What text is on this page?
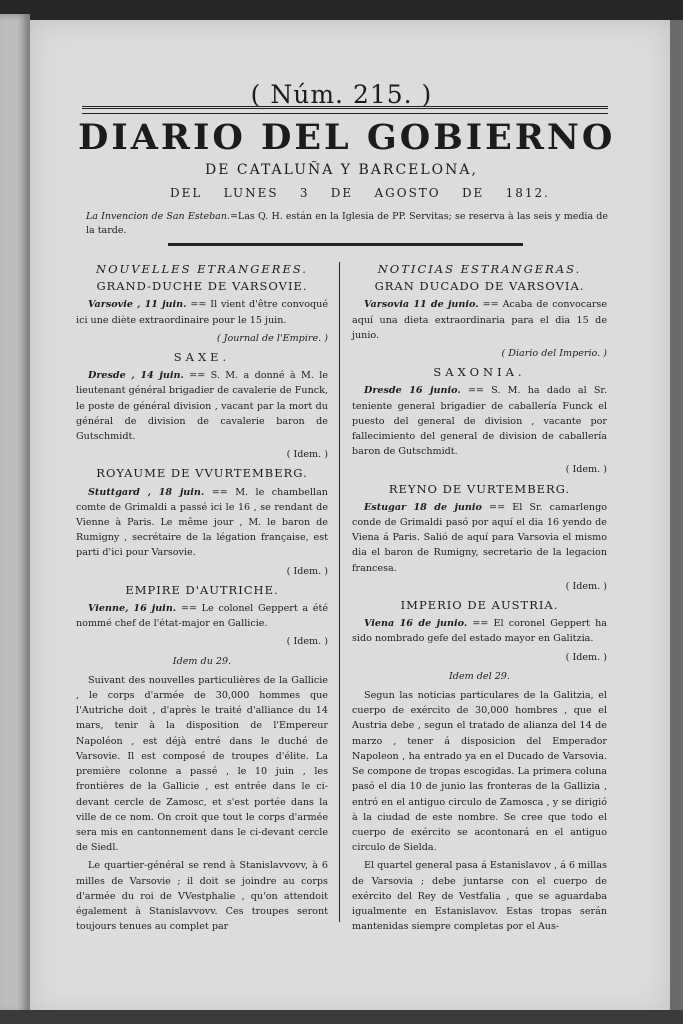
( Núm. 215. )
DIARIO DEL GOBIERNO
DE CATALUÑA Y BARCELONA,
DEL LUNES 3 DE AGOSTO DE 1812.
La Invencion de San Esteban.=Las Q. H. están en la Iglesia de PP. Servitas; se reserva à las seis y media de la tarde.
NOUVELLES ETRANGERES.
GRAND-DUCHE DE VARSOVIE.
Varsovie , 11 juin. == Il vient d'être convoqué ici une diète extraordinaire pour le 15 juin.
( Journal de l'Empire. )
SAXE.
Dresde , 14 juin. == S. M. a donné à M. le lieutenant général brigadier de cavalerie de Funck, le poste de général division , vacant par la mort du général de division de cavalerie baron de Gutschmidt.
( Idem. )
ROYAUME DE VVURTEMBERG.
Stuttgard , 18 juin. == M. le chambellan comte de Grimaldi a passé ici le 16 , se rendant de Vienne à Paris. Le même jour , M. le baron de Rumigny , secrétaire de la légation française, est parti d'ici pour Varsovie.
( Idem. )
EMPIRE D'AUTRICHE.
Vienne, 16 juin. == Le colonel Geppert a été nommé chef de l'état-major en Gallicie.
( Idem. )
Idem du 29.
Suivant des nouvelles particulières de la Gallicie , le corps d'armée de 30,000 hommes que l'Autriche doit , d'après le traité d'alliance du 14 mars, tenir à la disposition de l'Empereur Napoléon , est déjà entré dans le duché de Varsovie. Il est composé de troupes d'élite. La première colonne a passé , le 10 juin , les frontières de la Gallicie , est entrée dans le ci-devant cercle de Zamosc, et s'est portée dans la ville de ce nom. On croit que tout le corps d'armée sera mis en cantonnement dans le ci-devant cercle de Siedl.
Le quartier-général se rend à Stanislavvovv, à 6 milles de Varsovie ; il doit se joindre au corps d'armée du roi de VVestphalie , qu'on attendoit également à Stanislavvovv. Ces troupes seront toujours tenues au complet par
NOTICIAS ESTRANGERAS.
GRAN DUCADO DE VARSOVIA.
Varsovia 11 de junio. == Acaba de convocarse aquí una dieta extraordinaria para el dia 15 de junio.
( Diario del Imperio. )
SAXONIA.
Dresde 16 junio. == S. M. ha dado al Sr. teniente general brigadier de caballería Funck el puesto del general de division , vacante por fallecimiento del general de division de caballería baron de Gutschmidt.
( Idem. )
REYNO DE VURTEMBERG.
Estugar 18 de junio == El Sr. camarlengo conde de Grimaldi pasó por aquí el dia 16 yendo de Viena á Paris. Salió de aquí para Varsovia el mismo dia el baron de Rumigny, secretario de la legacion francesa.
( Idem. )
IMPERIO DE AUSTRIA.
Viena 16 de junio. == El coronel Geppert ha sido nombrado gefe del estado mayor en Galitzia.
( Idem. )
Idem del 29.
Segun las noticias particulares de la Galitzia, el cuerpo de exército de 30,000 hombres , que el Austria debe , segun el tratado de alianza del 14 de marzo , tener á disposicion del Emperador Napoleon , ha entrado ya en el Ducado de Varsovia. Se compone de tropas escogidas. La primera coluna pasó el dia 10 de junio las fronteras de la Gallizia , entró en el antiguo circulo de Zamosca , y se dirigió à la ciudad de este nombre. Se cree que todo el cuerpo de exército se acontonará en el antiguo circulo de Sielda.
El quartel general pasa á Estanislavov , á 6 millas de Varsovia ; debe juntarse con el cuerpo de exército del Rey de Vestfalia , que se aguardaba igualmente en Estanislavov. Estas tropas serán mantenidas siempre completas por el Aus-
